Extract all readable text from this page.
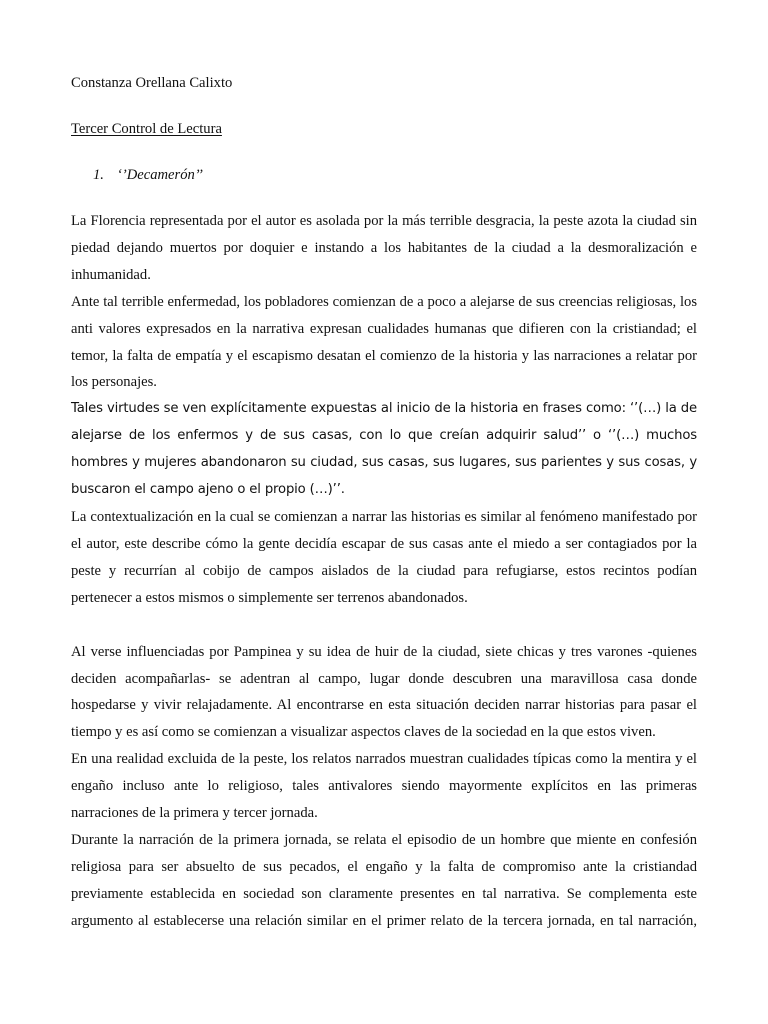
Constanza Orellana Calixto

Tercer Control de Lectura

1. ‘’Decamerón’’

La Florencia representada por el autor es asolada por la más terrible desgracia, la peste azota la ciudad sin piedad dejando muertos por doquier e instando a los habitantes de la ciudad a la desmoralización e inhumanidad.

Ante tal terrible enfermedad, los pobladores comienzan de a poco a alejarse de sus creencias religiosas, los anti valores expresados en la narrativa expresan cualidades humanas que difieren con la cristiandad; el temor, la falta de empatía y el escapismo desatan el comienzo de la historia y las narraciones a relatar por los personajes.

Tales virtudes se ven explícitamente expuestas al inicio de la historia en frases como: ‘’(…) la de alejarse de los enfermos y de sus casas, con lo que creían adquirir salud’’ o ‘’(…) muchos hombres y mujeres abandonaron su ciudad, sus casas, sus lugares, sus parientes y sus cosas, y buscaron el campo ajeno o el propio (…)’’.

La contextualización en la cual se comienzan a narrar las historias es similar al fenómeno manifestado por el autor, este describe cómo la gente decidía escapar de sus casas ante el miedo a ser contagiados por la peste y recurrían al cobijo de campos aislados de la ciudad para refugiarse, estos recintos podían pertenecer a estos mismos o simplemente ser terrenos abandonados.

Al verse influenciadas por Pampinea y su idea de huir de la ciudad, siete chicas y tres varones -quienes deciden acompañarlas- se adentran al campo, lugar donde descubren una maravillosa casa donde hospedarse y vivir relajadamente. Al encontrarse en esta situación deciden narrar historias para pasar el tiempo y es así como se comienzan a visualizar aspectos claves de la sociedad en la que estos viven.

En una realidad excluida de la peste, los relatos narrados muestran cualidades típicas como la mentira y el engaño incluso ante lo religioso, tales antivalores siendo mayormente explícitos en las primeras narraciones de la primera y tercer jornada.

Durante la narración de la primera jornada, se relata el episodio de un hombre que miente en confesión religiosa para ser absuelto de sus pecados, el engaño y la falta de compromiso ante la cristiandad previamente establecida en sociedad son claramente presentes en tal narrativa. Se complementa este argumento al establecerse una relación similar en el primer relato de la tercera jornada, en tal narración,
